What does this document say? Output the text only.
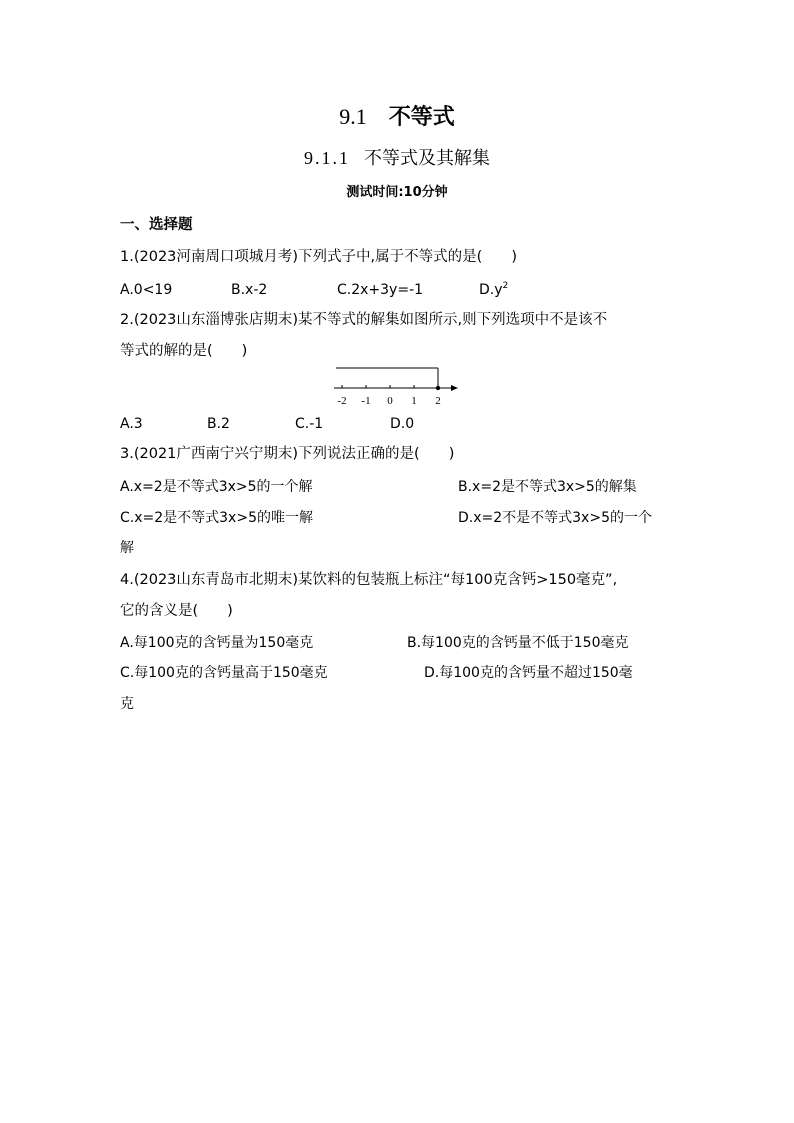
9.1 不等式
9.1.1 不等式及其解集
测试时间:10分钟
一、选择题
1.(2023河南周口项城月考)下列式子中,属于不等式的是(　　)
A.0<19	B.x-2	C.2x+3y=-1	$D.y^2$
2.(2023山东淄博张店期末)某不等式的解集如图所示,则下列选项中不是该不
等式的解的是(　　)
-2 -1 0 1 2
A.3	B.2	C.-1	D.0
3.(2021广西南宁兴宁期末)下列说法正确的是(　　)
A.x=2是不等式3x>5的一个解	B.x=2是不等式3x>5的解集
C.x=2是不等式3x>5的唯一解	D.x=2不是不等式3x>5的一个
解
4.(2023山东青岛市北期末)某饮料的包装瓶上标注“每100克含钙>150毫克”,
它的含义是(　　)
A.每100克的含钙量为150毫克	B.每100克的含钙量不低于150毫克
C.每100克的含钙量高于150毫克	D.每100克的含钙量不超过150毫
克
